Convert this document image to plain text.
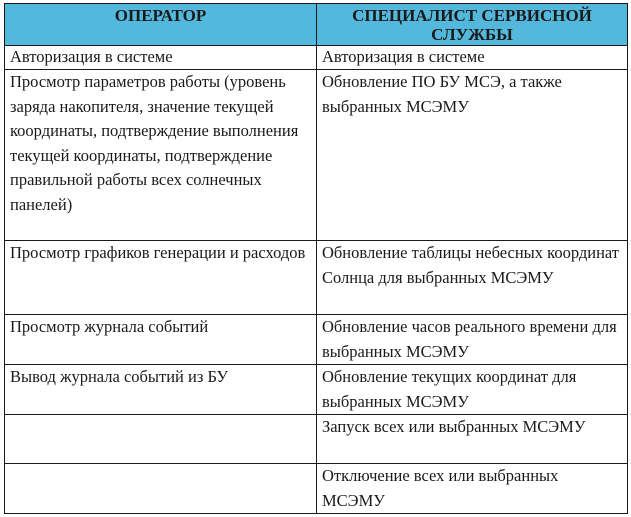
ОПЕРАТОР	СПЕЦИАЛИСТ СЕРВИСНОЙ СЛУЖБЫ
Авторизация в системе	Авторизация в системе
Просмотр параметров работы (уровень заряда накопителя, значение текущей координаты, подтверждение выполнения текущей координаты, подтверждение правильной работы всех солнечных панелей)	Обновление ПО БУ МСЭ, а также выбранных МСЭМУ
Просмотр графиков генерации и расходов	Обновление таблицы небесных координат Солнца для выбранных МСЭМУ
Просмотр журнала событий	Обновление часов реального времени для выбранных МСЭМУ
Вывод журнала событий из БУ	Обновление текущих координат для выбранных МСЭМУ
	Запуск всех или выбранных МСЭМУ
	Отключение всех или выбранных МСЭМУ
